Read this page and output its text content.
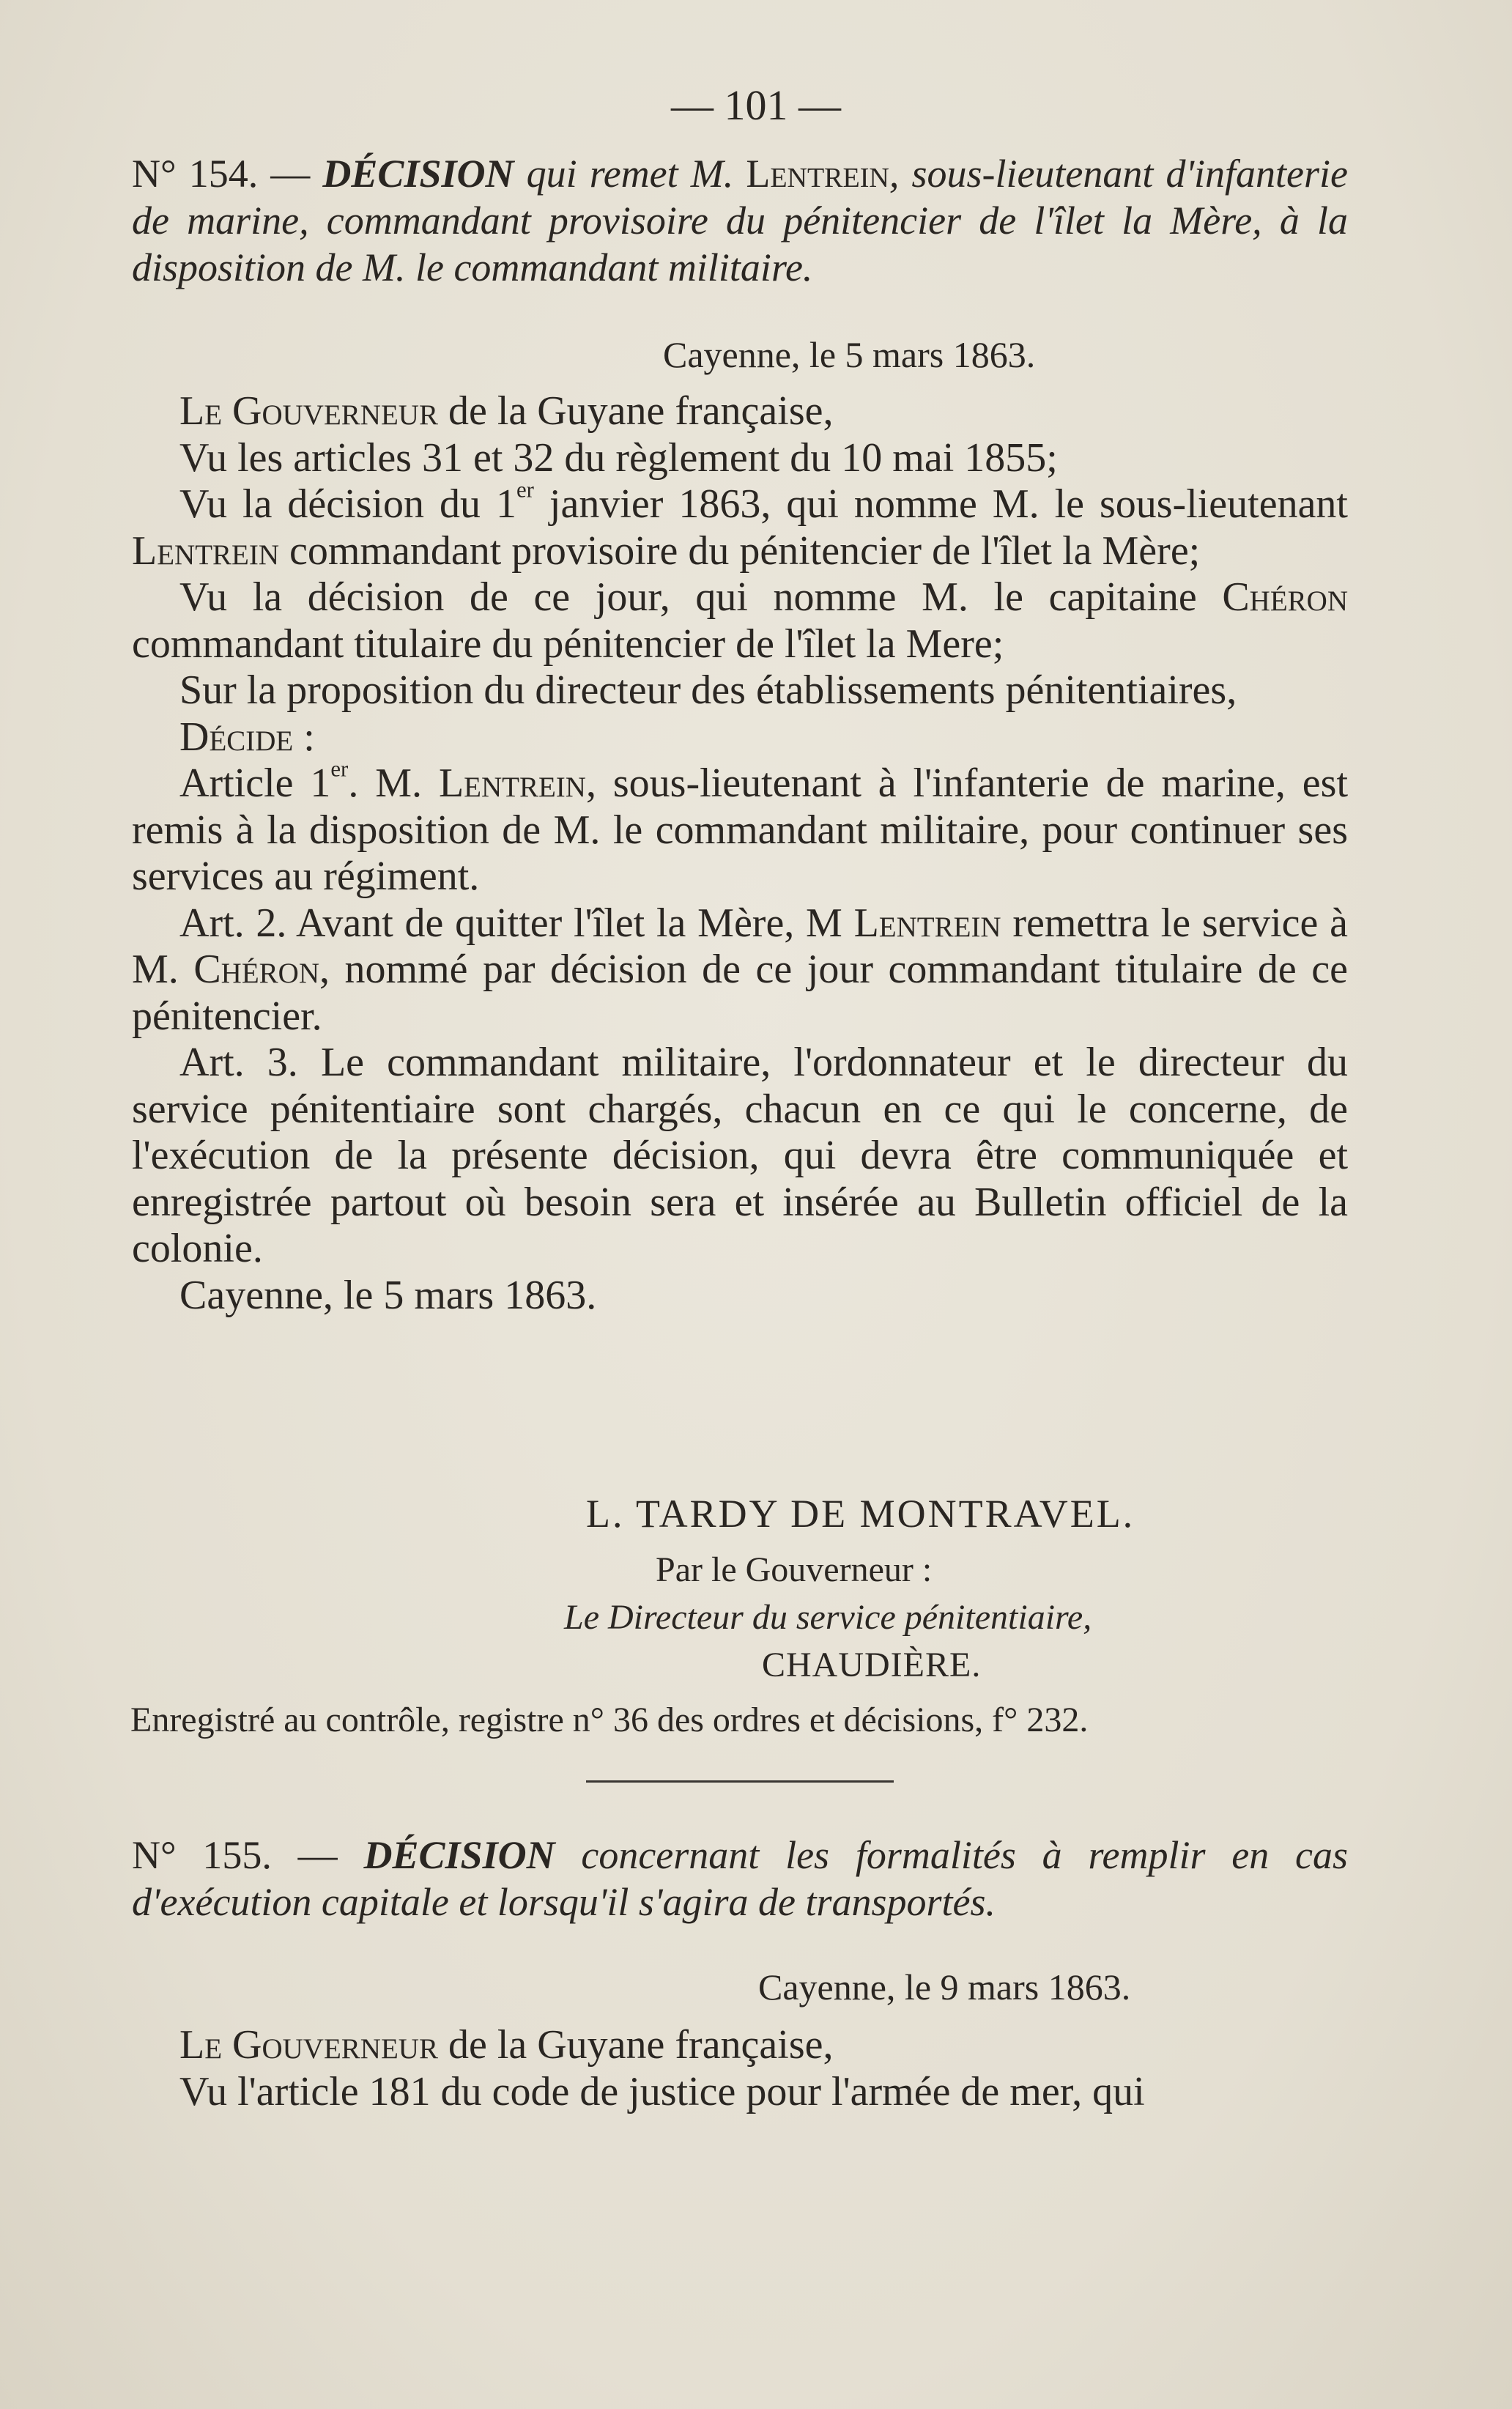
— 101 —
N° 154. — DÉCISION qui remet M. Lentrein, sous-lieutenant d'infanterie de marine, commandant provisoire du pénitencier de l'îlet la Mère, à la disposition de M. le commandant militaire.
Cayenne, le 5 mars 1863.

Le Gouverneur de la Guyane française,

Vu les articles 31 et 32 du règlement du 10 mai 1855;

Vu la décision du 1er janvier 1863, qui nomme M. le sous-lieutenant Lentrein commandant provisoire du pénitencier de l'îlet la Mère;

Vu la décision de ce jour, qui nomme M. le capitaine Chéron commandant titulaire du pénitencier de l'îlet la Mere;

Sur la proposition du directeur des établissements pénitentiaires,

Décide :

Article 1er. M. Lentrein, sous-lieutenant à l'infanterie de marine, est remis à la disposition de M. le commandant militaire, pour continuer ses services au régiment.

Art. 2. Avant de quitter l'îlet la Mère, M Lentrein remettra le service à M. Chéron, nommé par décision de ce jour commandant titulaire de ce pénitencier.

Art. 3. Le commandant militaire, l'ordonnateur et le directeur du service pénitentiaire sont chargés, chacun en ce qui le concerne, de l'exécution de la présente décision, qui devra être communiquée et enregistrée partout où besoin sera et insérée au Bulletin officiel de la colonie.

Cayenne, le 5 mars 1863.

L. TARDY DE MONTRAVEL.
Par le Gouverneur :
Le Directeur du service pénitentiaire,
CHAUDIÈRE.
Enregistré au contrôle, registre n° 36 des ordres et décisions, f° 232.
N° 155. — DÉCISION concernant les formalités à remplir en cas d'exécution capitale et lorsqu'il s'agira de transportés.
Cayenne, le 9 mars 1863.

Le Gouverneur de la Guyane française,

Vu l'article 181 du code de justice pour l'armée de mer, qui
